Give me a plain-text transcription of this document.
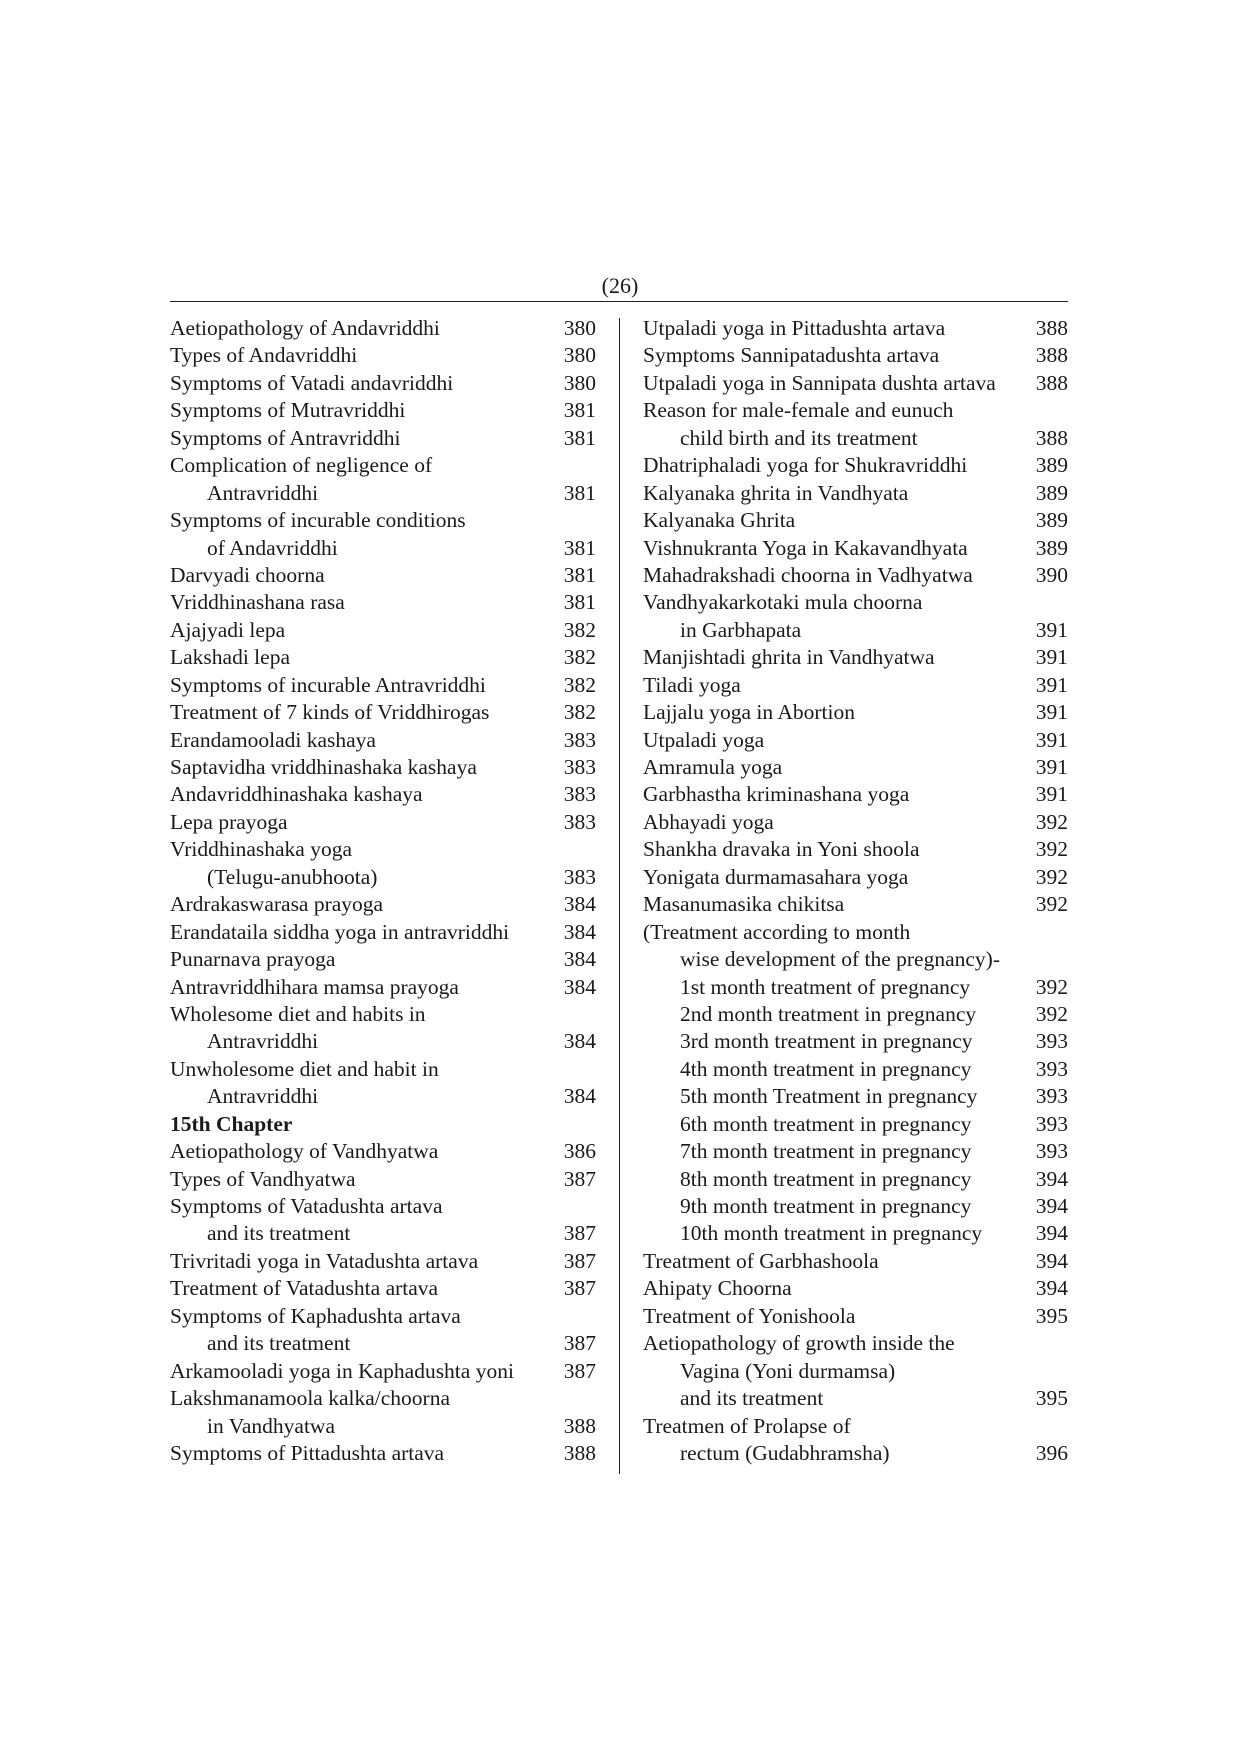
(26)
Aetiopathology of Andavriddhi	380
Types of Andavriddhi	380
Symptoms of Vatadi andavriddhi	380
Symptoms of Mutravriddhi	381
Symptoms of Antravriddhi	381
Complication of negligence of
Antravriddhi	381
Symptoms of incurable conditions
of Andavriddhi	381
Darvyadi choorna	381
Vriddhinashana rasa	381
Ajajyadi lepa	382
Lakshadi lepa	382
Symptoms of incurable Antravriddhi	382
Treatment of 7 kinds of Vriddhirogas	382
Erandamooladi kashaya	383
Saptavidha vriddhinashaka kashaya	383
Andavriddhinashaka kashaya	383
Lepa prayoga	383
Vriddhinashaka yoga
(Telugu-anubhoota)	383
Ardrakaswarasa prayoga	384
Erandataila siddha yoga in antravriddhi	384
Punarnava prayoga	384
Antravriddhihara mamsa prayoga	384
Wholesome diet and habits in
Antravriddhi	384
Unwholesome diet and habit in
Antravriddhi	384
15th Chapter
Aetiopathology of Vandhyatwa	386
Types of Vandhyatwa	387
Symptoms of Vatadushta artava
and its treatment	387
Trivritadi yoga in Vatadushta artava	387
Treatment of Vatadushta artava	387
Symptoms of Kaphadushta artava
and its treatment	387
Arkamooladi yoga in Kaphadushta yoni	387
Lakshmanamoola kalka/choorna
in Vandhyatwa	388
Symptoms of Pittadushta artava	388
Utpaladi yoga in Pittadushta artava	388
Symptoms Sannipatadushta artava	388
Utpaladi yoga in Sannipata dushta artava	388
Reason for male-female and eunuch
child birth and its treatment	388
Dhatriphaladi yoga for Shukravriddhi	389
Kalyanaka ghrita in Vandhyata	389
Kalyanaka Ghrita	389
Vishnukranta Yoga in Kakavandhyata	389
Mahadrakshadi choorna in Vadhyatwa	390
Vandhyakarkotaki mula choorna
in Garbhapata	391
Manjishtadi ghrita in Vandhyatwa	391
Tiladi yoga	391
Lajjalu yoga in Abortion	391
Utpaladi yoga	391
Amramula yoga	391
Garbhastha kriminashana yoga	391
Abhayadi yoga	392
Shankha dravaka in Yoni shoola	392
Yonigata durmamasahara yoga	392
Masanumasika chikitsa	392
(Treatment according to month
wise development of the pregnancy)-
1st month treatment of pregnancy	392
2nd month treatment in pregnancy	392
3rd month treatment in pregnancy	393
4th month treatment in pregnancy	393
5th month Treatment in pregnancy	393
6th month treatment in pregnancy	393
7th month treatment in pregnancy	393
8th month treatment in pregnancy	394
9th month treatment in pregnancy	394
10th month treatment in pregnancy	394
Treatment of Garbhashoola	394
Ahipaty Choorna	394
Treatment of Yonishoola	395
Aetiopathology of growth inside the
Vagina (Yoni durmamsa)
and its treatment	395
Treatmen of Prolapse of
rectum (Gudabhramsha)	396
